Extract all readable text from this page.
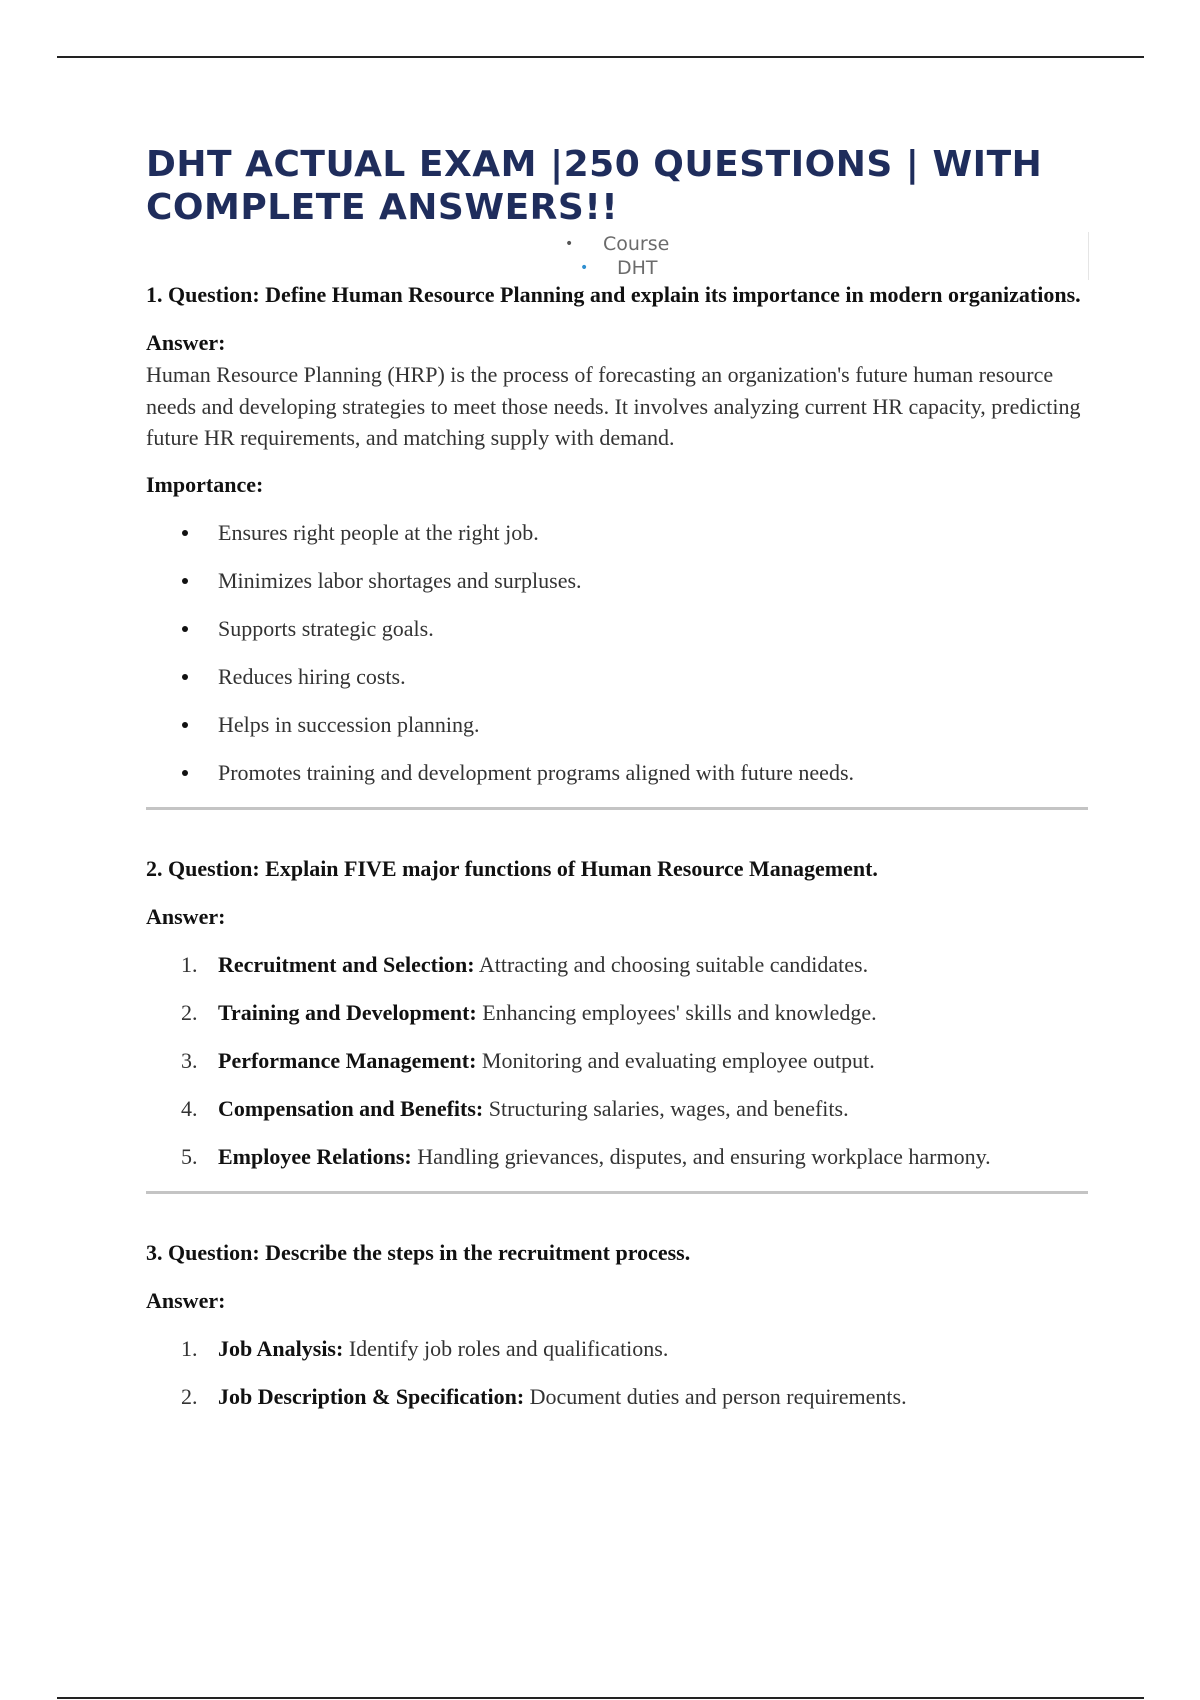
DHT ACTUAL EXAM |250 QUESTIONS | WITH COMPLETE ANSWERS!!
• Course
• DHT

1. Question: Define Human Resource Planning and explain its importance in modern organizations.

Answer:

Human Resource Planning (HRP) is the process of forecasting an organization's future human resource needs and developing strategies to meet those needs. It involves analyzing current HR capacity, predicting future HR requirements, and matching supply with demand.

Importance:

Ensures right people at the right job.
Minimizes labor shortages and surpluses.
Supports strategic goals.
Reduces hiring costs.
Helps in succession planning.
Promotes training and development programs aligned with future needs.

2. Question: Explain FIVE major functions of Human Resource Management.

Answer:

1. Recruitment and Selection: Attracting and choosing suitable candidates.
2. Training and Development: Enhancing employees' skills and knowledge.
3. Performance Management: Monitoring and evaluating employee output.
4. Compensation and Benefits: Structuring salaries, wages, and benefits.
5. Employee Relations: Handling grievances, disputes, and ensuring workplace harmony.

3. Question: Describe the steps in the recruitment process.

Answer:

1. Job Analysis: Identify job roles and qualifications.
2. Job Description & Specification: Document duties and person requirements.
